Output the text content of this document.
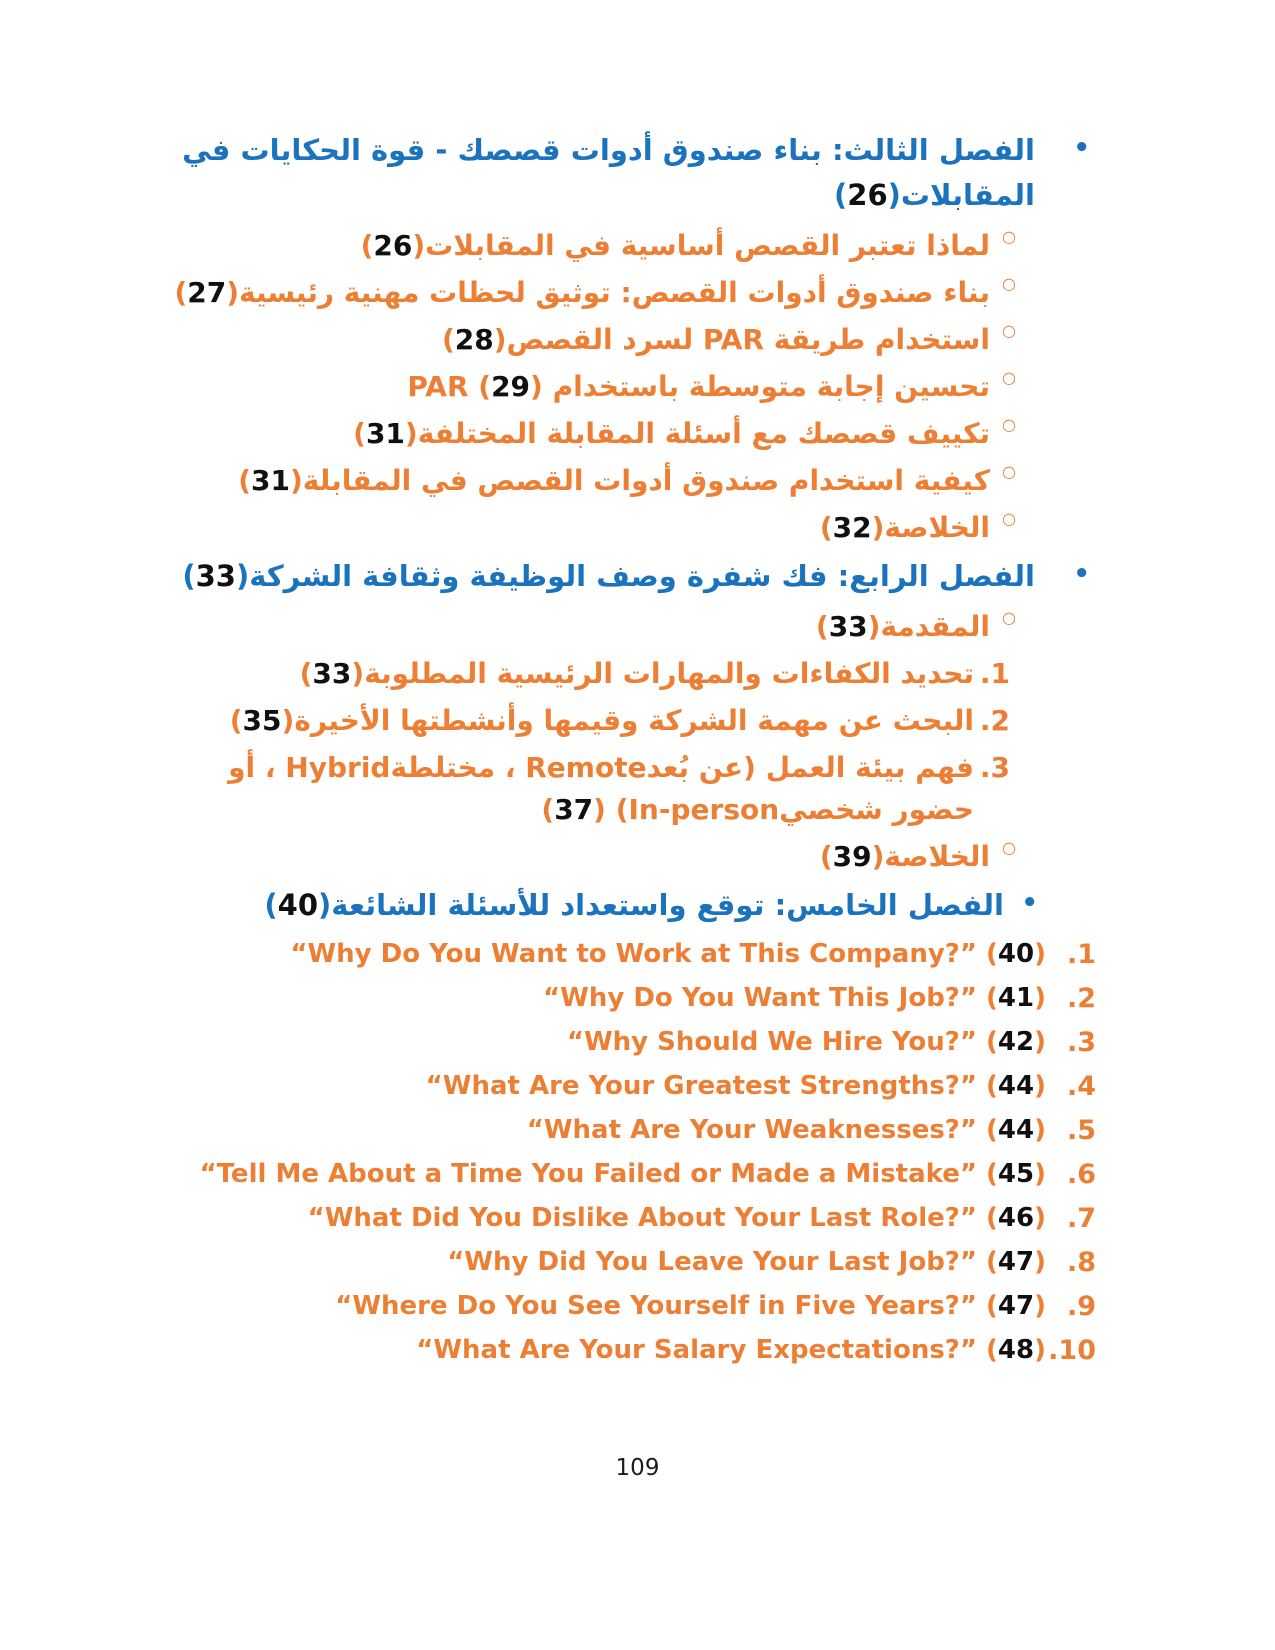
•
الفصل الثالث: بناء صندوق أدوات قصصك - قوة الحكايات في المقابلات(26)
○
لماذا تعتبر القصص أساسية في المقابلات(26)
○
بناء صندوق أدوات القصص: توثيق لحظات مهنية رئيسية(27)
○
استخدام طريقة PAR لسرد القصص(28)
○
تحسين إجابة متوسطة باستخدام PAR (29)
○
تكييف قصصك مع أسئلة المقابلة المختلفة(31)
○
كيفية استخدام صندوق أدوات القصص في المقابلة(31)
○
الخلاصة(32)
•
الفصل الرابع: فك شفرة وصف الوظيفة وثقافة الشركة(33)
○
المقدمة(33)
1.
تحديد الكفاءات والمهارات الرئيسية المطلوبة(33)
2.
البحث عن مهمة الشركة وقيمها وأنشطتها الأخيرة(35)
3.
فهم بيئة العمل (عن بُعدRemote ، مختلطةHybrid ، أو حضور شخصيIn-person) (37)
○
الخلاصة(39)
•
الفصل الخامس: توقع واستعداد للأسئلة الشائعة(40)
1.
“Why Do You Want to Work at This Company?” (40)
2.
“Why Do You Want This Job?” (41)
3.
“Why Should We Hire You?” (42)
4.
“What Are Your Greatest Strengths?” (44)
5.
“What Are Your Weaknesses?” (44)
6.
“Tell Me About a Time You Failed or Made a Mistake” (45)
7.
“What Did You Dislike About Your Last Role?” (46)
8.
“Why Did You Leave Your Last Job?” (47)
9.
“Where Do You See Yourself in Five Years?” (47)
10.
“What Are Your Salary Expectations?” (48)
109
